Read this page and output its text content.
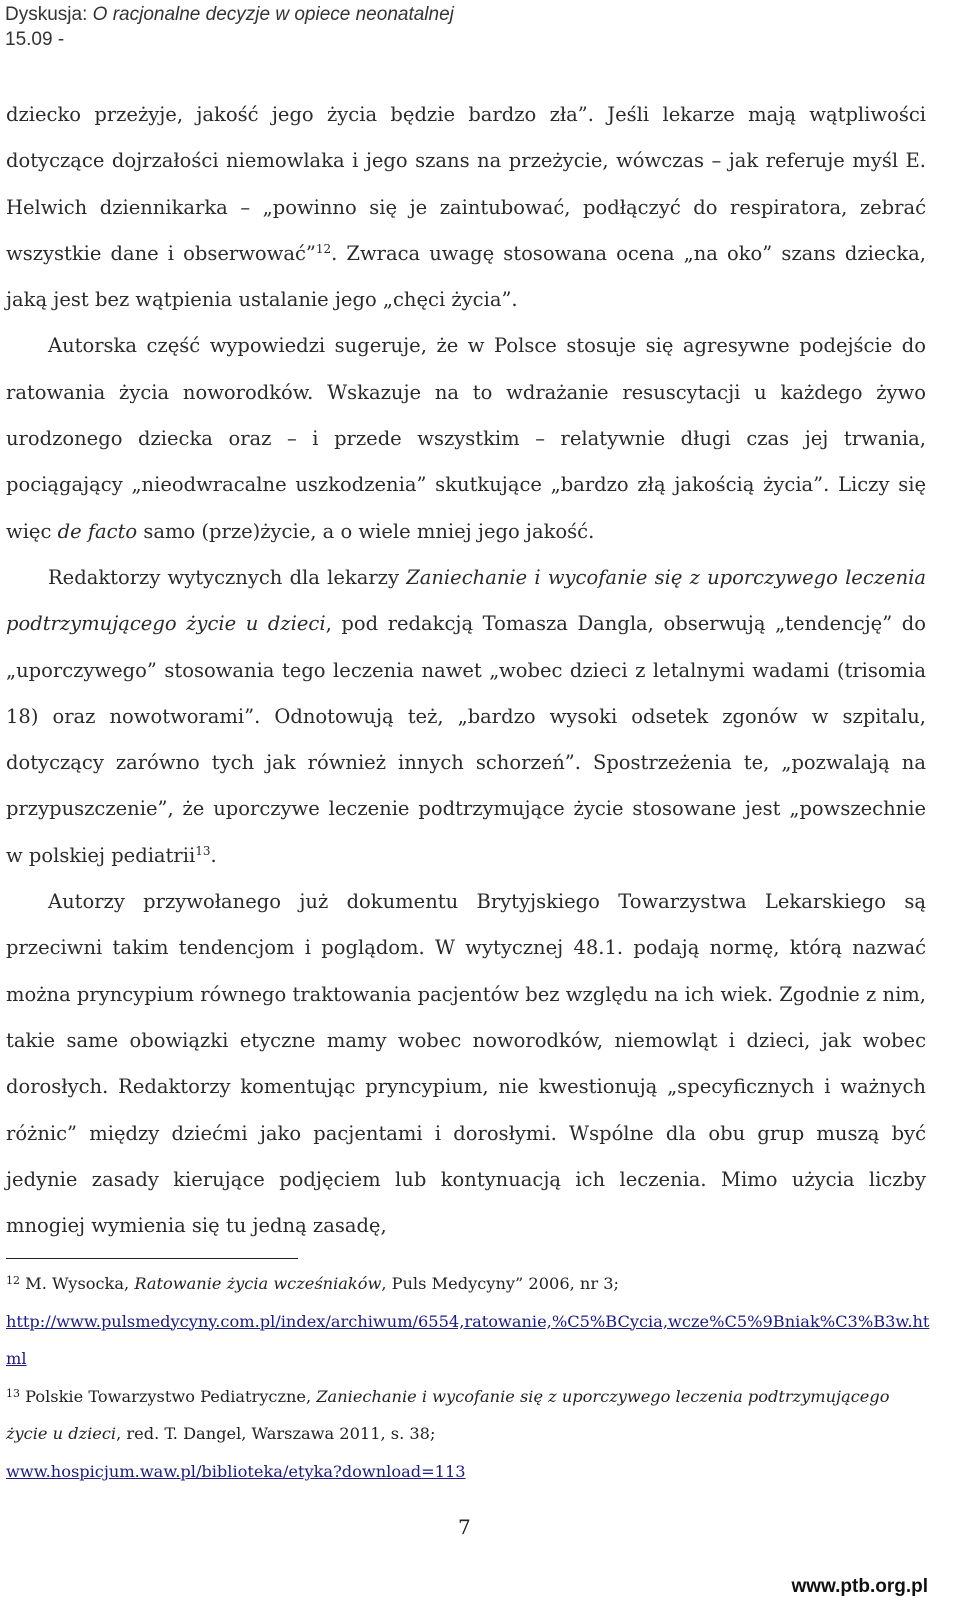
Dyskusja: O racjonalne decyzje w opiece neonatalnej
15.09 -

dziecko przeżyje, jakość jego życia będzie bardzo zła”. Jeśli lekarze mają wątpliwości dotyczące dojrzałości niemowlaka i jego szans na przeżycie, wówczas – jak referuje myśl E. Helwich dziennikarka – „powinno się je zaintubować, podłączyć do respiratora, zebrać wszystkie dane i obserwować”$^{12}$. Zwraca uwagę stosowana ocena „na oko” szans dziecka, jaką jest bez wątpienia ustalanie jego „chęci życia”.

Autorska część wypowiedzi sugeruje, że w Polsce stosuje się agresywne podejście do ratowania życia noworodków. Wskazuje na to wdrażanie resuscytacji u każdego żywo urodzonego dziecka oraz – i przede wszystkim – relatywnie długi czas jej trwania, pociągający „nieodwracalne uszkodzenia” skutkujące „bardzo złą jakością życia”. Liczy się więc de facto samo (prze)życie, a o wiele mniej jego jakość.

Redaktorzy wytycznych dla lekarzy Zaniechanie i wycofanie się z uporczywego leczenia podtrzymującego życie u dzieci, pod redakcją Tomasza Dangla, obserwują „tendencję” do „uporczywego” stosowania tego leczenia nawet „wobec dzieci z letalnymi wadami (trisomia 18) oraz nowotworami”. Odnotowują też, „bardzo wysoki odsetek zgonów w szpitalu, dotyczący zarówno tych jak również innych schorzeń”. Spostrzeżenia te, „pozwalają na przypuszczenie”, że uporczywe leczenie podtrzymujące życie stosowane jest „powszechnie w polskiej pediatrii$^{13}$.

Autorzy przywołanego już dokumentu Brytyjskiego Towarzystwa Lekarskiego są przeciwni takim tendencjom i poglądom. W wytycznej 48.1. podają normę, którą nazwać można pryncypium równego traktowania pacjentów bez względu na ich wiek. Zgodnie z nim, takie same obowiązki etyczne mamy wobec noworodków, niemowląt i dzieci, jak wobec dorosłych. Redaktorzy komentując pryncypium, nie kwestionują „specyficznych i ważnych różnic” między dziećmi jako pacjentami i dorosłymi. Wspólne dla obu grup muszą być jedynie zasady kierujące podjęciem lub kontynuacją ich leczenia. Mimo użycia liczby mnogiej wymienia się tu jedną zasadę,

$^{12}$ M. Wysocka, Ratowanie życia wcześniaków, Puls Medycyny” 2006, nr 3;

http://www.pulsmedycyny.com.pl/index/archiwum/6554,ratowanie,%C5%BCycia,wcze%C5%9Bniak%C3%B3w.html

$^{13}$ Polskie Towarzystwo Pediatryczne, Zaniechanie i wycofanie się z uporczywego leczenia podtrzymującego życie u dzieci, red. T. Dangel, Warszawa 2011, s. 38;

www.hospicjum.waw.pl/biblioteka/etyka?download=113

7
www.ptb.org.pl
